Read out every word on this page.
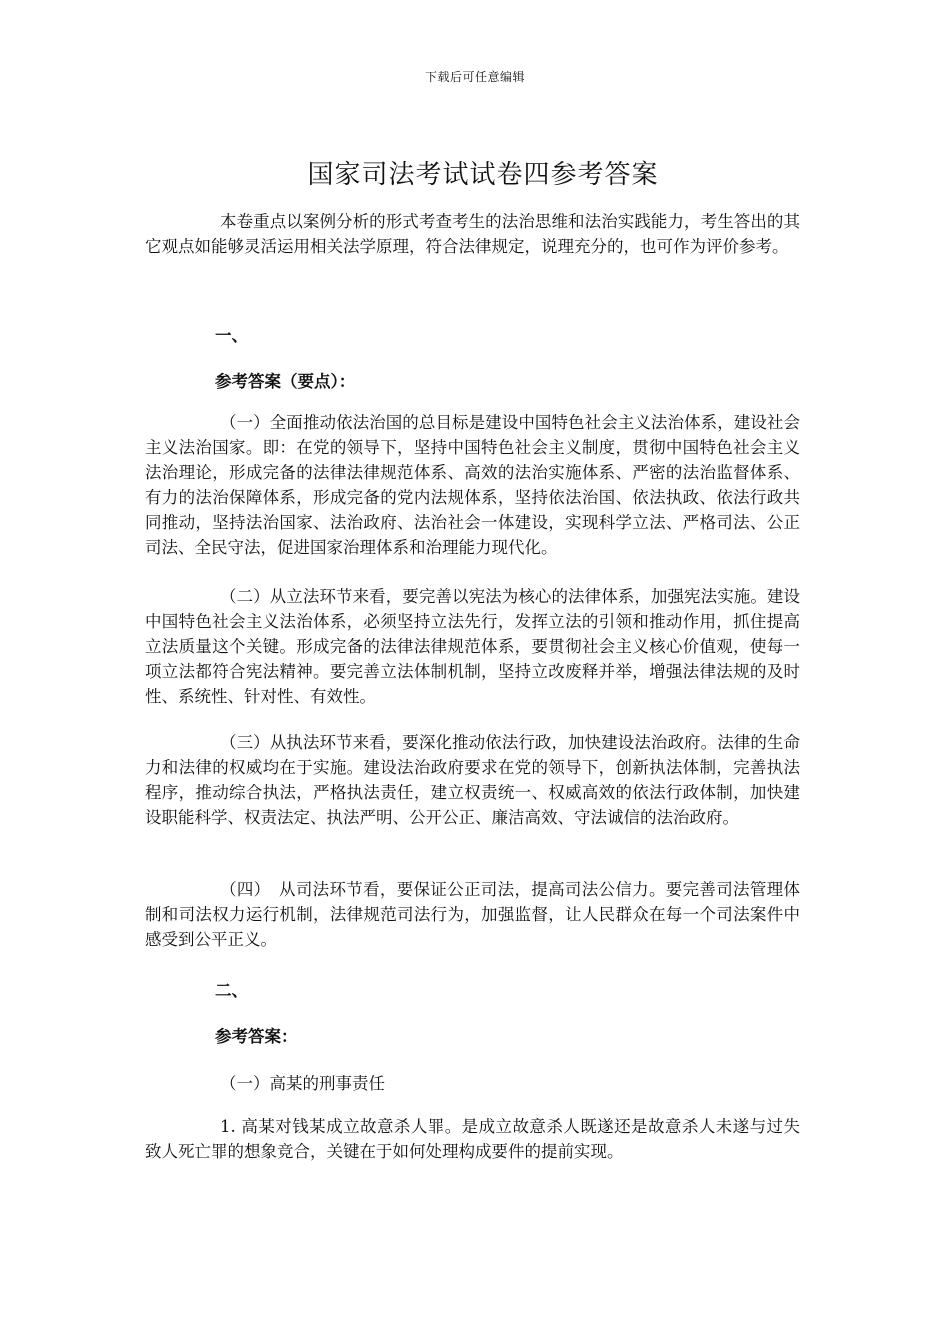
下载后可任意编辑
国家司法考试试卷四参考答案

本卷重点以案例分析的形式考查考生的法治思维和法治实践能力，考生答出的其它观点如能够灵活运用相关法学原理，符合法律规定，说理充分的，也可作为评价参考。

一、
参考答案（要点）：

（一）全面推动依法治国的总目标是建设中国特色社会主义法治体系，建设社会主义法治国家。即：在党的领导下，坚持中国特色社会主义制度，贯彻中国特色社会主义法治理论，形成完备的法律法律规范体系、高效的法治实施体系、严密的法治监督体系、有力的法治保障体系，形成完备的党内法规体系，坚持依法治国、依法执政、依法行政共同推动，坚持法治国家、法治政府、法治社会一体建设，实现科学立法、严格司法、公正司法、全民守法，促进国家治理体系和治理能力现代化。

（二）从立法环节来看，要完善以宪法为核心的法律体系，加强宪法实施。建设中国特色社会主义法治体系，必须坚持立法先行，发挥立法的引领和推动作用，抓住提高立法质量这个关键。形成完备的法律法律规范体系，要贯彻社会主义核心价值观，使每一项立法都符合宪法精神。要完善立法体制机制，坚持立改废释并举，增强法律法规的及时性、系统性、针对性、有效性。

（三）从执法环节来看，要深化推动依法行政，加快建设法治政府。法律的生命力和法律的权威均在于实施。建设法治政府要求在党的领导下，创新执法体制，完善执法程序，推动综合执法，严格执法责任，建立权责统一、权威高效的依法行政体制，加快建设职能科学、权责法定、执法严明、公开公正、廉洁高效、守法诚信的法治政府。

（四）　从司法环节看，要保证公正司法，提高司法公信力。要完善司法管理体制和司法权力运行机制，法律规范司法行为，加强监督，让人民群众在每一个司法案件中感受到公平正义。

二、
参考答案：
（一）高某的刑事责任

1. 高某对钱某成立故意杀人罪。是成立故意杀人既遂还是故意杀人未遂与过失致人死亡罪的想象竞合，关键在于如何处理构成要件的提前实现。
